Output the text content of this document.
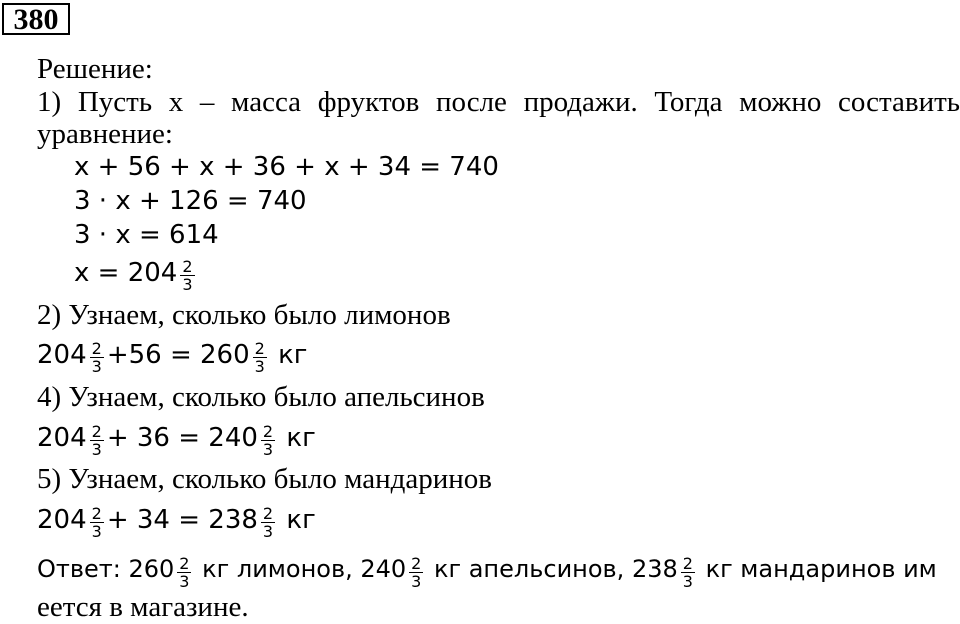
380
Решение:
1) Пусть x – масса фруктов после продажи. Тогда можно составить
уравнение:
x + 56 + x + 36 + x + 34 = 740
3 · x + 126 = 740
3 · x = 614
$x = 204 \frac{2}{3}$
2) Узнаем, сколько было лимонов
$204 \frac{2}{3} +56 = 260 \frac{2}{3}$ кг
4) Узнаем, сколько было апельсинов
$204 \frac{2}{3} + 36 = 240 \frac{2}{3}$ кг
5) Узнаем, сколько было мандаринов
$204 \frac{2}{3} + 34 = 238 \frac{2}{3}$ кг
Ответ: $260 \frac{2}{3}$ кг лимонов, $240 \frac{2}{3}$ кг апельсинов, $238 \frac{2}{3}$ кг мандаринов им
еется в магазине.
